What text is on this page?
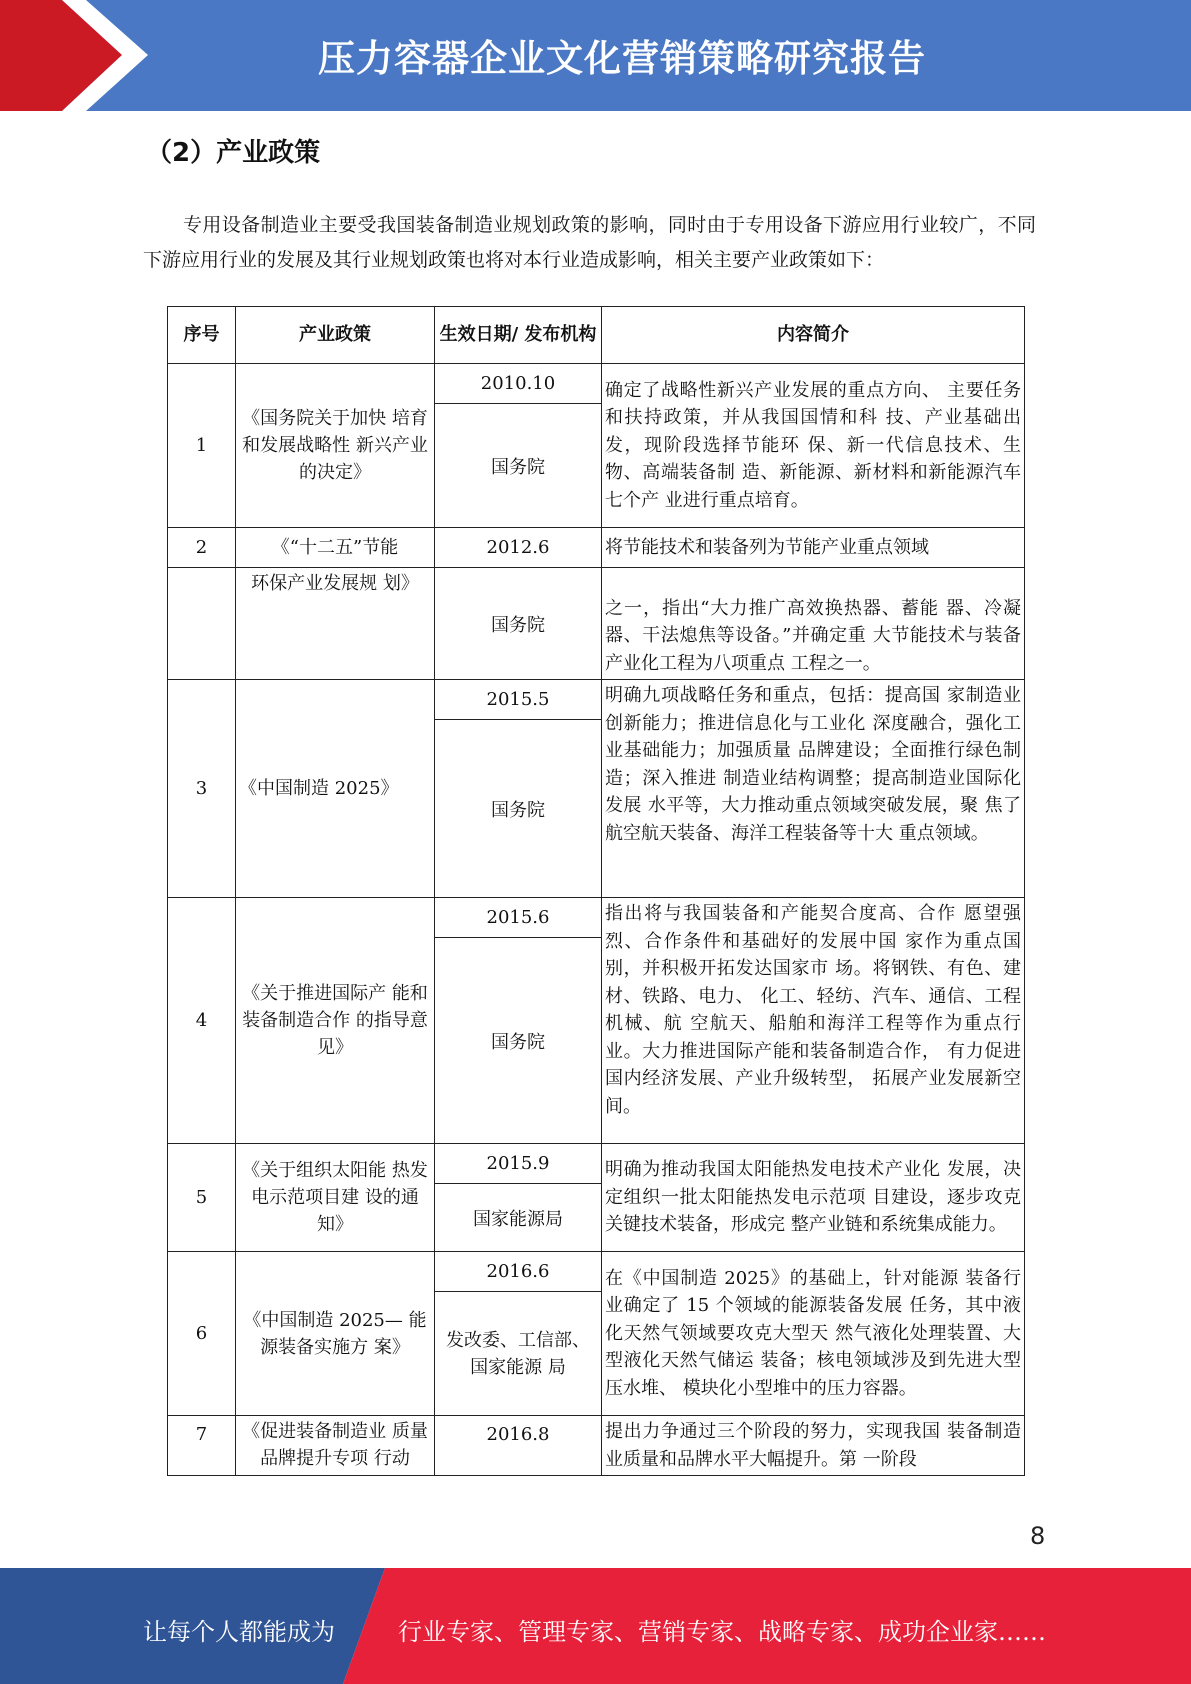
压力容器企业文化营销策略研究报告
（2）产业政策
专用设备制造业主要受我国装备制造业规划政策的影响，同时由于专用设备下游应用行业较广，不同下游应用行业的发展及其行业规划政策也将对本行业造成影响，相关主要产业政策如下：
序号	产业政策	生效日期/ 发布机构	内容简介
1	《国务院关于加快 培育和发展战略性 新兴产业的决定》	2010.10	确定了战略性新兴产业发展的重点方向、 主要任务和扶持政策，并从我国国情和科 技、产业基础出发，现阶段选择节能环 保、新一代信息技术、生物、高端装备制 造、新能源、新材料和新能源汽车七个产 业进行重点培育。
		国务院	
2	《“十二五”节能	2012.6	将节能技术和装备列为节能产业重点领域
	环保产业发展规 划》	国务院	之一，指出“大力推广高效换热器、蓄能 器、冷凝器、干法熄焦等设备。”并确定重 大节能技术与装备产业化工程为八项重点 工程之一。
3	《中国制造 2025》	2015.5	明确九项战略任务和重点，包括：提高国 家制造业创新能力；推进信息化与工业化 深度融合，强化工业基础能力；加强质量 品牌建设；全面推行绿色制造；深入推进 制造业结构调整；提高制造业国际化发展 水平等，大力推动重点领域突破发展，聚 焦了航空航天装备、海洋工程装备等十大 重点领域。
		国务院	
4	《关于推进国际产 能和装备制造合作 的指导意见》	2015.6	指出将与我国装备和产能契合度高、合作 愿望强烈、合作条件和基础好的发展中国 家作为重点国别，并积极开拓发达国家市 场。将钢铁、有色、建材、铁路、电力、 化工、轻纺、汽车、通信、工程机械、航 空航天、船舶和海洋工程等作为重点行 业。大力推进国际产能和装备制造合作， 有力促进国内经济发展、产业升级转型， 拓展产业发展新空间。
		国务院	
5	《关于组织太阳能 热发电示范项目建 设的通知》	2015.9	明确为推动我国太阳能热发电技术产业化 发展，决定组织一批太阳能热发电示范项 目建设，逐步攻克关键技术装备，形成完 整产业链和系统集成能力。
		国家能源局	
6	《中国制造 2025— 能源装备实施方 案》	2016.6	在《中国制造 2025》的基础上，针对能源 装备行业确定了 15 个领域的能源装备发展 任务，其中液化天然气领域要攻克大型天 然气液化处理装置、大型液化天然气储运 装备；核电领域涉及到先进大型压水堆、 模块化小型堆中的压力容器。
		发改委、工信部、国家能源 局	
7	《促进装备制造业 质量品牌提升专项 行动	2016.8	提出力争通过三个阶段的努力，实现我国 装备制造业质量和品牌水平大幅提升。第 一阶段
8
让每个人都能成为	行业专家、管理专家、营销专家、战略专家、成功企业家……
